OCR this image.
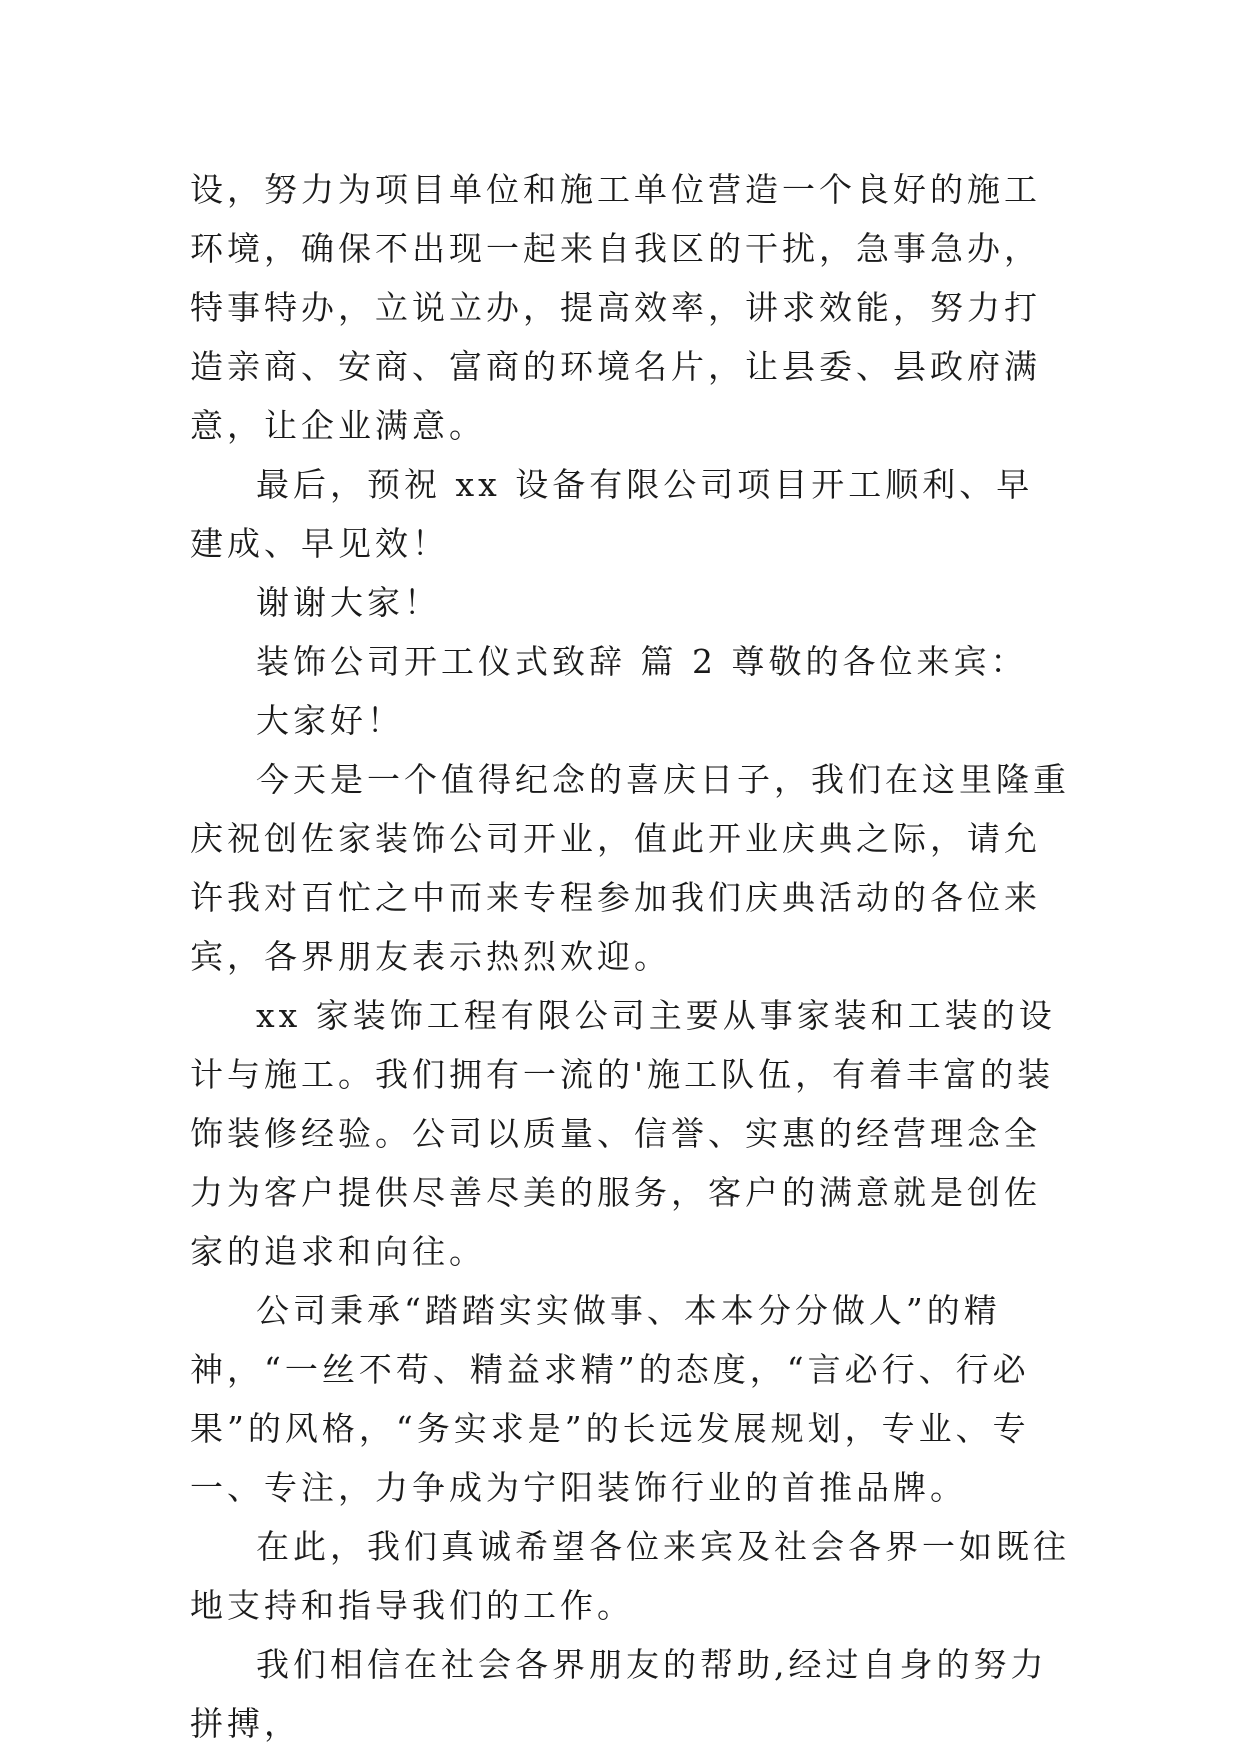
设，努力为项目单位和施工单位营造一个良好的施工环境，确保不出现一起来自我区的干扰，急事急办，特事特办，立说立办，提高效率，讲求效能，努力打造亲商、安商、富商的环境名片，让县委、县政府满意，让企业满意。

最后，预祝 xx 设备有限公司项目开工顺利、早建成、早见效！

谢谢大家！

装饰公司开工仪式致辞 篇 2 尊敬的各位来宾：

大家好！

今天是一个值得纪念的喜庆日子，我们在这里隆重庆祝创佐家装饰公司开业，值此开业庆典之际，请允许我对百忙之中而来专程参加我们庆典活动的各位来宾，各界朋友表示热烈欢迎。

xx 家装饰工程有限公司主要从事家装和工装的设计与施工。我们拥有一流的'施工队伍，有着丰富的装饰装修经验。公司以质量、信誉、实惠的经营理念全力为客户提供尽善尽美的服务，客户的满意就是创佐家的追求和向往。

公司秉承“踏踏实实做事、本本分分做人”的精神，“一丝不苟、精益求精”的态度，“言必行、行必果”的风格，“务实求是”的长远发展规划，专业、专一、专注，力争成为宁阳装饰行业的首推品牌。

在此，我们真诚希望各位来宾及社会各界一如既往地支持和指导我们的工作。

我们相信在社会各界朋友的帮助,经过自身的努力拼搏，
